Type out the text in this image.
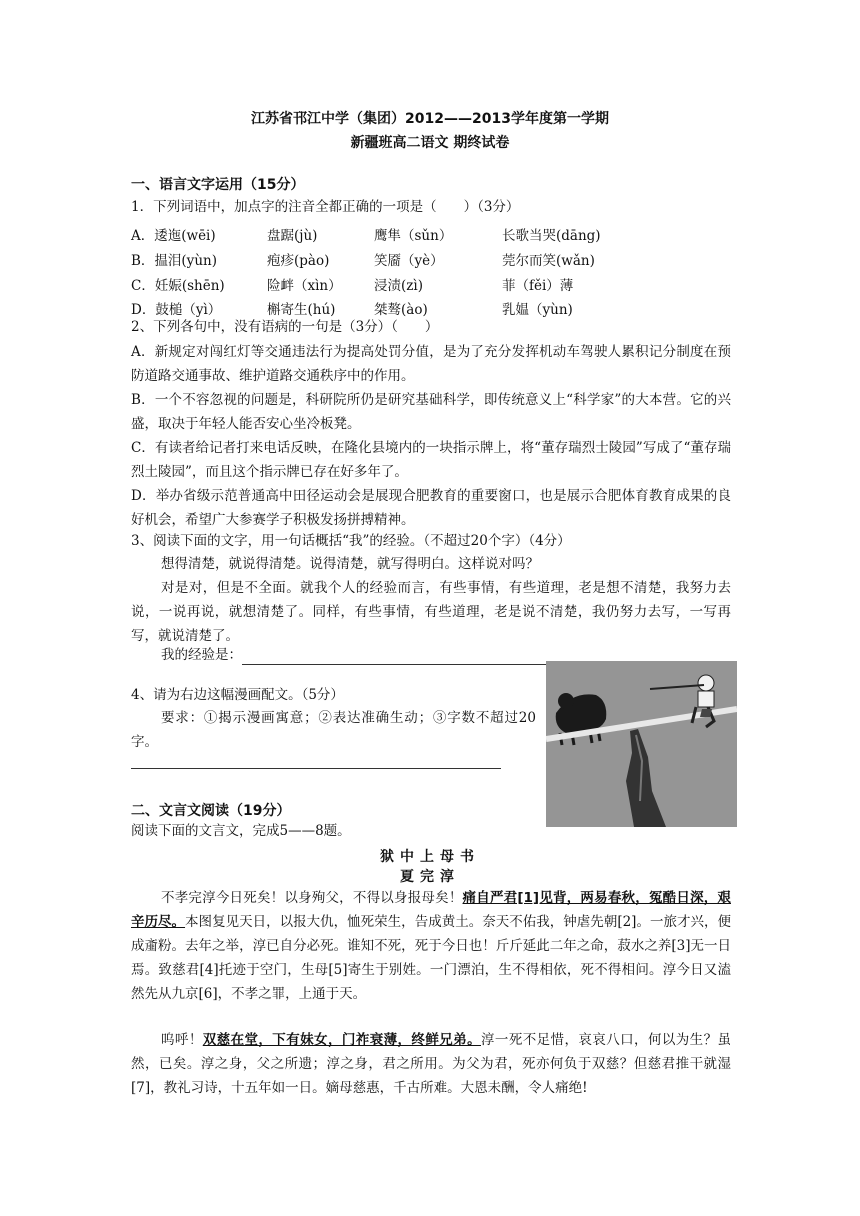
江苏省邗江中学（集团）2012——2013学年度第一学期
新疆班高二语文 期终试卷
一、语言文字运用（15分）
1．下列词语中，加点字的注音全都正确的一项是（　　）（3分）
A．逶迤(wēi)	盘踞(jù)	鹰隼（sǔn）	长歌当哭(dāng)
B．揾泪(yùn)	疱疹(pào)	笑靥（yè）	莞尔而笑(wǎn)
C．妊娠(shēn)	险衅（xìn） 浸渍(zì)	菲（fěi）薄
D．鼓槌（yì）	槲寄生(hú)	桀骜(ào)	乳媪（yùn)
2、下列各句中，没有语病的一句是（3分）（　　）
A．新规定对闯红灯等交通违法行为提高处罚分值，是为了充分发挥机动车驾驶人累积记分制度在预防道路交通事故、维护道路交通秩序中的作用。
B．一个不容忽视的问题是，科研院所仍是研究基础科学，即传统意义上“科学家”的大本营。它的兴盛，取决于年轻人能否安心坐冷板凳。
C．有读者给记者打来电话反映，在隆化县境内的一块指示牌上，将“董存瑞烈士陵园”写成了“董存瑞烈土陵园”，而且这个指示牌已存在好多年了。
D．举办省级示范普通高中田径运动会是展现合肥教育的重要窗口，也是展示合肥体育教育成果的良好机会，希望广大参赛学子积极发扬拼搏精神。
3、阅读下面的文字，用一句话概括“我”的经验。（不超过20个字）（4分）
想得清楚，就说得清楚。说得清楚，就写得明白。这样说对吗？
对是对，但是不全面。就我个人的经验而言，有些事情，有些道理，老是想不清楚，我努力去说，一说再说，就想清楚了。同样，有些事情，有些道理，老是说不清楚，我仍努力去写，一写再写，就说清楚了。
我的经验是：
4、请为右边这幅漫画配文。（5分）
要求：①揭示漫画寓意；②表达准确生动；③字数不超过20字。
二、文言文阅读（19分）
阅读下面的文言文，完成5——8题。
狱中上母书
夏完淳
不孝完淳今日死矣！以身殉父，不得以身报母矣！痛自严君[1]见背，两易春秋，冤酷日深，艰辛历尽。本图复见天日，以报大仇，恤死荣生，告成黄土。奈天不佑我，钟虐先朝[2]。一旅才兴，便成齑粉。去年之举，淳已自分必死。谁知不死，死于今日也！斤斤延此二年之命，菽水之养[3]无一日焉。致慈君[4]托迹于空门，生母[5]寄生于别姓。一门漂泊，生不得相依，死不得相问。淳今日又溘然先从九京[6]，不孝之罪，上通于天。
呜呼！双慈在堂，下有妹女，门祚衰薄，终鲜兄弟。淳一死不足惜，哀哀八口，何以为生？虽然，已矣。淳之身，父之所遗；淳之身，君之所用。为父为君，死亦何负于双慈？但慈君推干就湿[7]，教礼习诗，十五年如一日。嫡母慈惠，千古所难。大恩未酬，令人痛绝!
